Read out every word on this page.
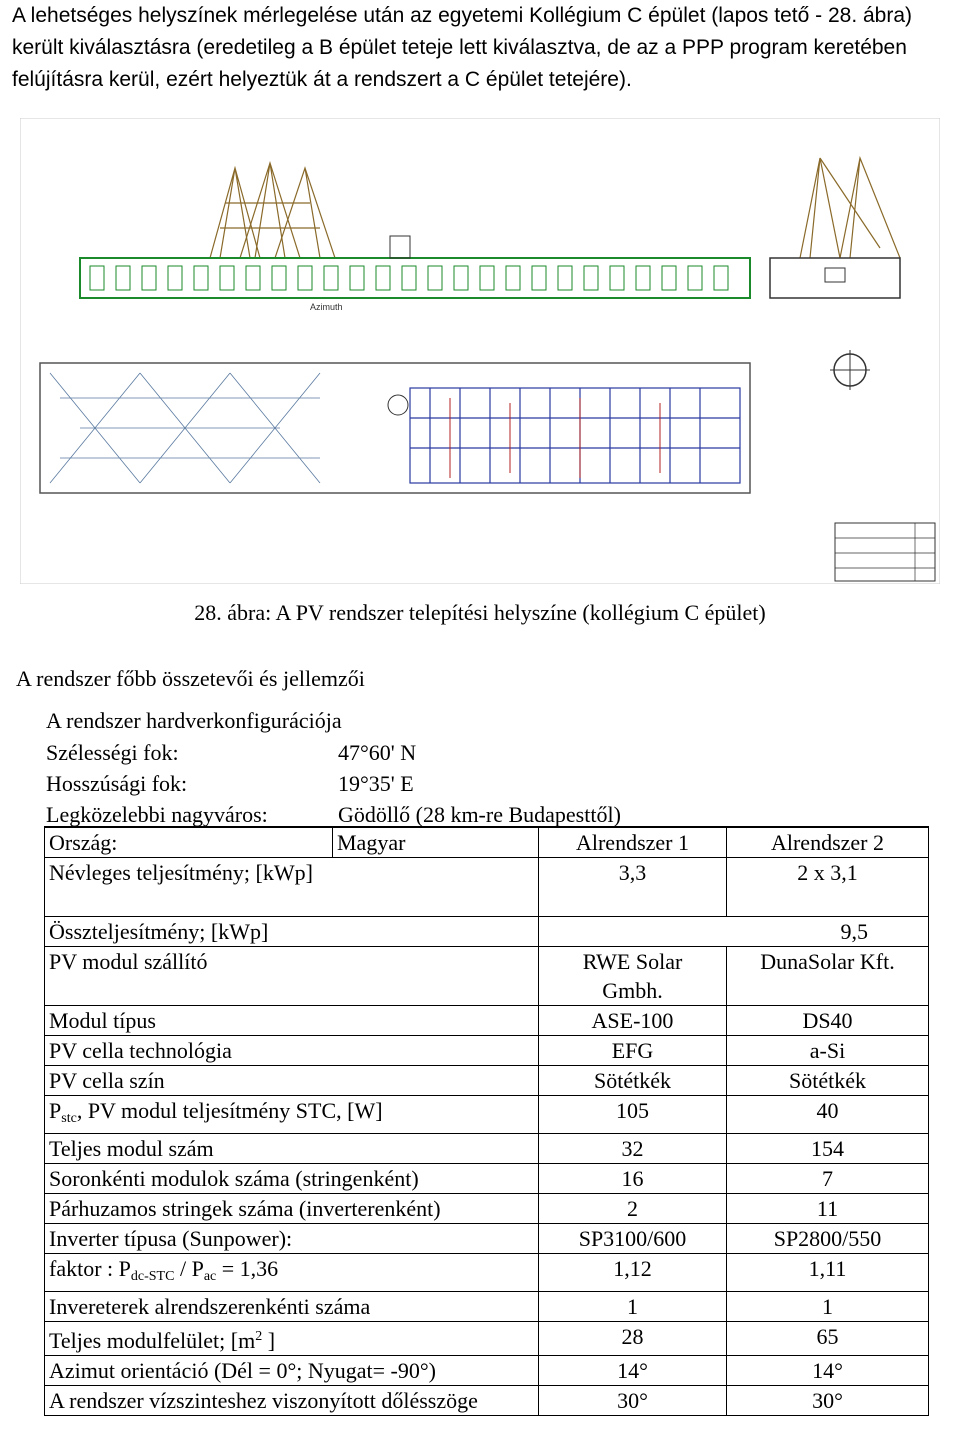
A lehetséges helyszínek mérlegelése után az egyetemi Kollégium C épület (lapos tető - 28. ábra) került kiválasztásra (eredetileg a B épület teteje lett kiválasztva, de az a PPP program keretében felújításra kerül, ezért helyeztük át a rendszert a C épület tetejére).
Azimuth
28. ábra: A PV rendszer telepítési helyszíne (kollégium C épület)
A rendszer főbb összetevői és jellemzői
A rendszer hardverkonfigurációja
Szélességi fok:	47°60' N
Hosszúsági fok:	19°35' E
Legközelebbi nagyváros:	Gödöllő (28 km-re Budapesttől)
Ország:	Magyar	Alrendszer 1	Alrendszer 2
Névleges teljesítmény; [kWp]		3,3	2 x 3,1
Összteljesítmény; [kWp]		9,5	
PV modul szállító		RWE Solar Gmbh.	DunaSolar Kft.
Modul típus		ASE-100	DS40
PV cella technológia		EFG	a-Si
PV cella szín		Sötétkék	Sötétkék
$P_{stc}$, PV modul teljesítmény STC, [W]		105	40
Teljes modul szám		32	154
Soronkénti modulok száma (stringenként)		16	7
Párhuzamos stringek száma (inverterenként)		2	11
Inverter típusa (Sunpower):		SP3100/600	SP2800/550
faktor : $P_{dc-STC} / P_{ac} = 1,36$		1,12	1,11
Invereterek alrendszerenkénti száma		1	1
Teljes modulfelület; [$m^2$ ]		28	65
Azimut orientáció (Dél = 0°; Nyugat= -90°)		14°	14°
A rendszer vízszinteshez viszonyított dőlésszöge		30°	30°
